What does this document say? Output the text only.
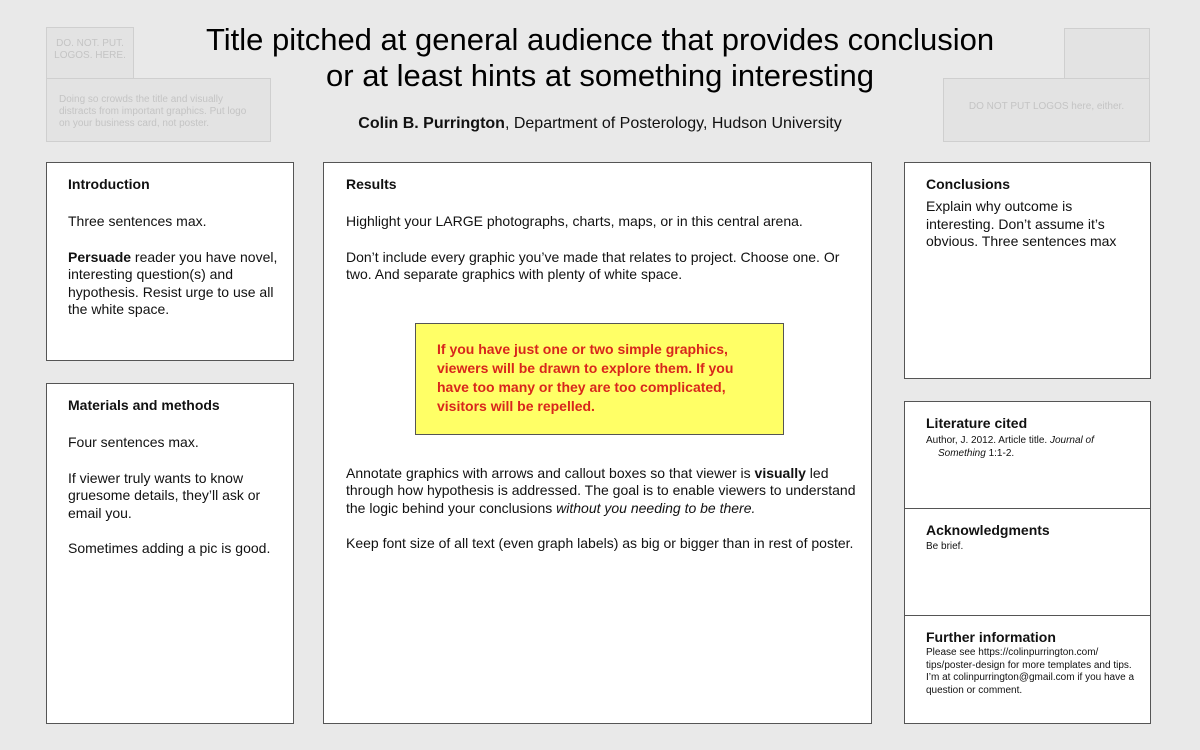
DO. NOT. PUT. LOGOS. HERE.
Doing so crowds the title and visually distracts from important graphics. Put logo on your business card, not poster.
DO NOT PUT LOGOS here, either.
Title pitched at general audience that provides conclusion
or at least hints at something interesting
Colin B. Purrington, Department of Posterology, Hudson University
Introduction

Three sentences max.

Persuade reader you have novel, interesting question(s) and hypothesis. Resist urge to use all the white space.

Materials and methods

Four sentences max.

If viewer truly wants to know gruesome details, they’ll ask or email you.

Sometimes adding a pic is good.

Results

Highlight your LARGE photographs, charts, maps, or in this central arena.

Don’t include every graphic you’ve made that relates to project. Choose one. Or two. And separate graphics with plenty of white space.

Annotate graphics with arrows and callout boxes so that viewer is visually led through how hypothesis is addressed. The goal is to enable viewers to understand the logic behind your conclusions without you needing to be there.

Keep font size of all text (even graph labels) as big or bigger than in rest of poster.

If you have just one or two simple graphics, viewers will be drawn to explore them. If you have too many or they are too complicated, visitors will be repelled.
Conclusions

Explain why outcome is interesting. Don’t assume it’s obvious. Three sentences max

Literature cited

Author, J. 2012. Article title. Journal of Something 1:1-2.

Acknowledgments

Be brief.

Further information

Please see https://colinpurrington.com/ tips/poster-design for more templates and tips. I’m at colinpurrington@gmail.com if you have a question or comment.
